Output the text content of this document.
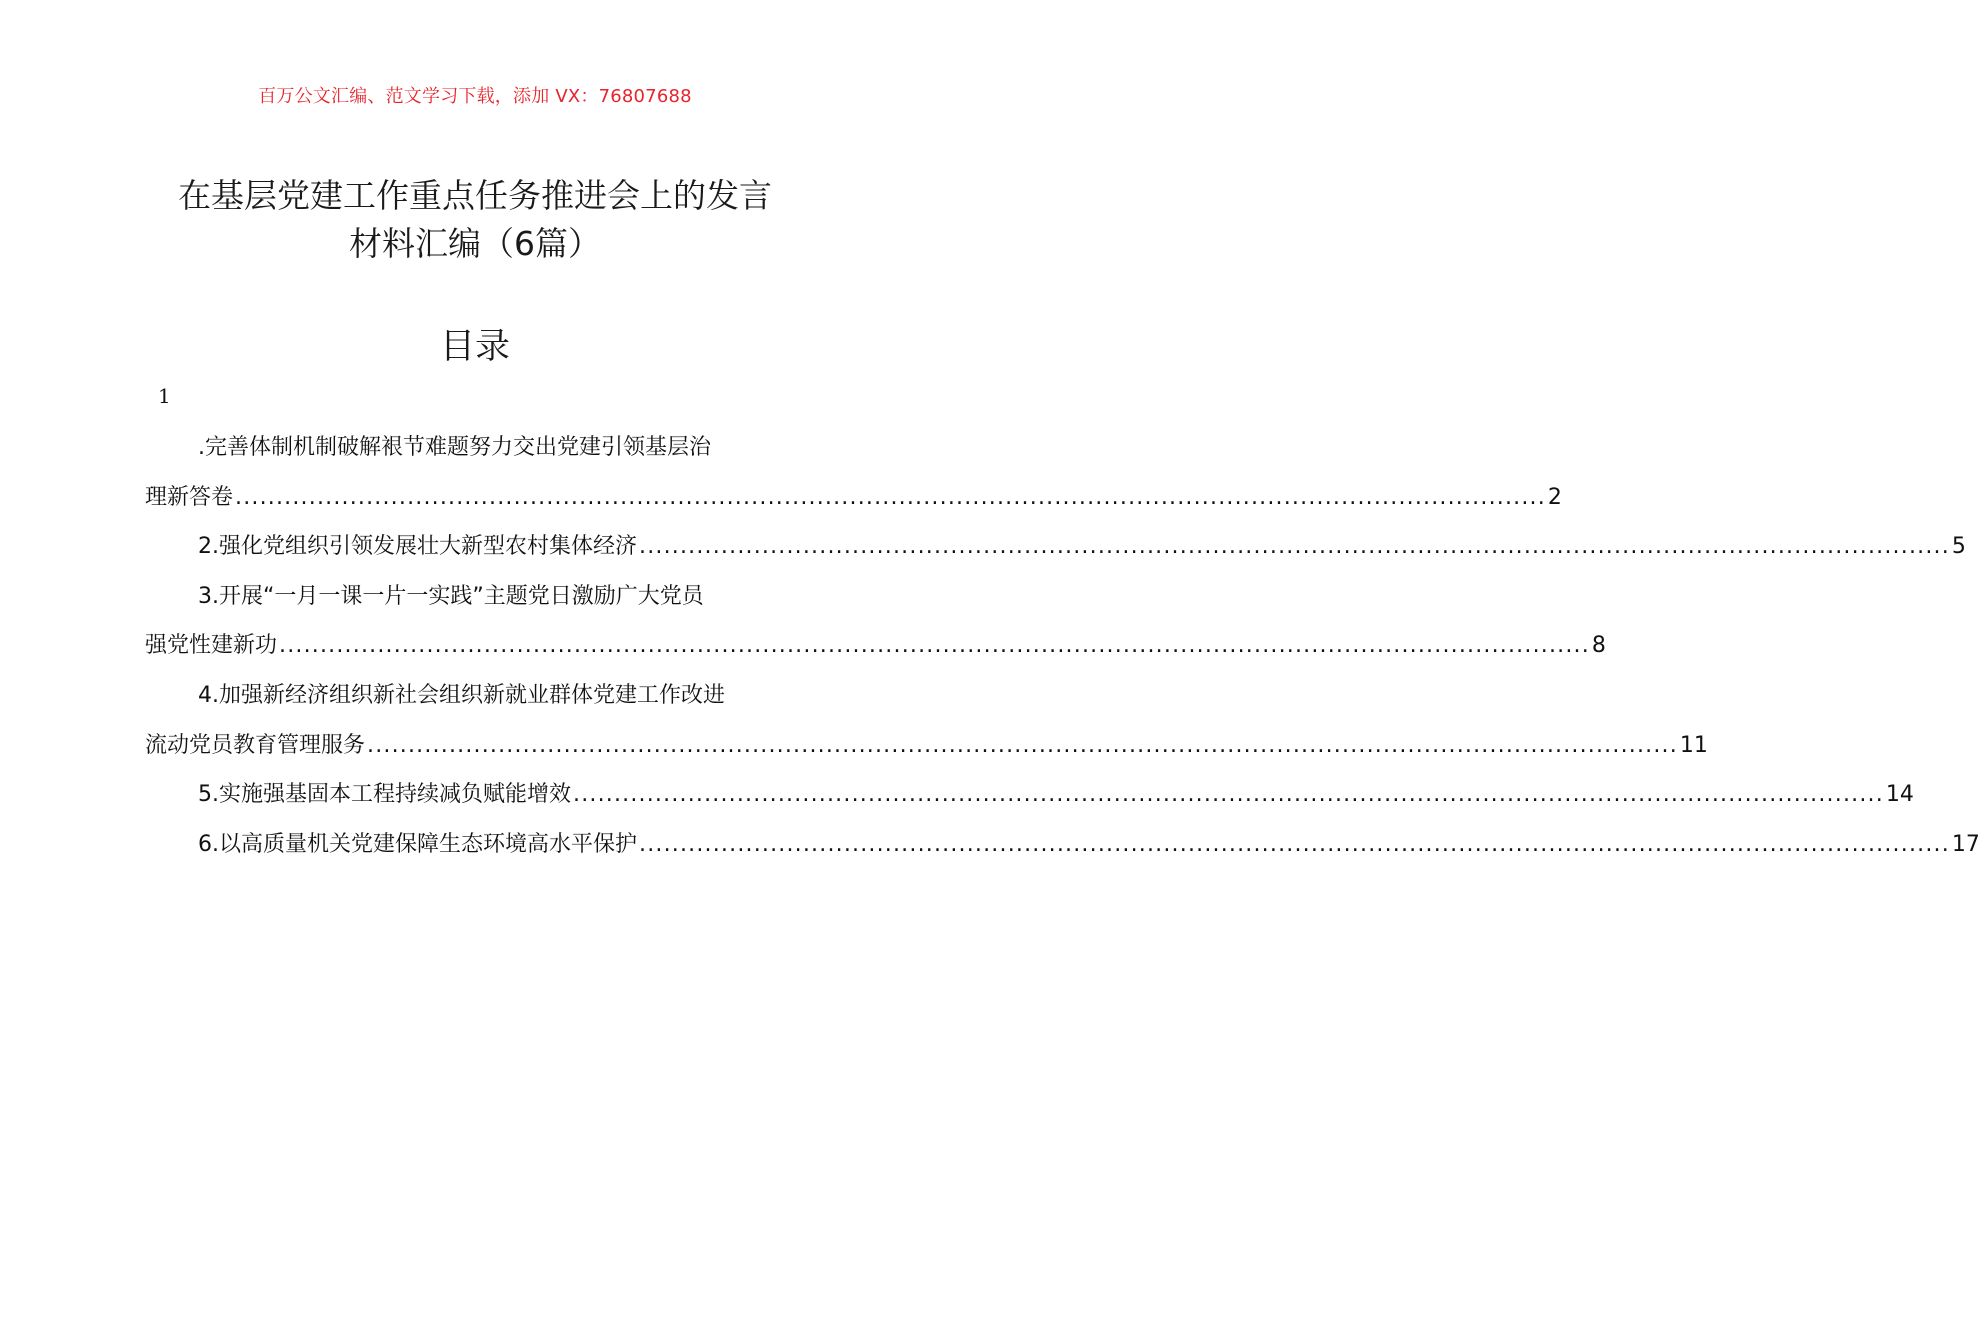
百万公文汇编、范文学习下载，添加 VX：76807688
在基层党建工作重点任务推进会上的发言
材料汇编（6篇）
目录
1
.完善体制机制破解裉节难题努力交出党建引领基层治
理新答卷 ................................................................................................................................................................ 2
2.强化党组织引领发展壮大新型农村集体经济 ................................................................................................................................................................ 5
3.开展“一月一课一片一实践”主题党日激励广大党员
强党性建新功 ................................................................................................................................................................ 8
4.加强新经济组织新社会组织新就业群体党建工作改进
流动党员教育管理服务 ................................................................................................................................................................ 11
5.实施强基固本工程持续减负赋能增效 ................................................................................................................................................................ 14
6.以高质量机关党建保障生态环境高水平保护 ................................................................................................................................................................ 17
